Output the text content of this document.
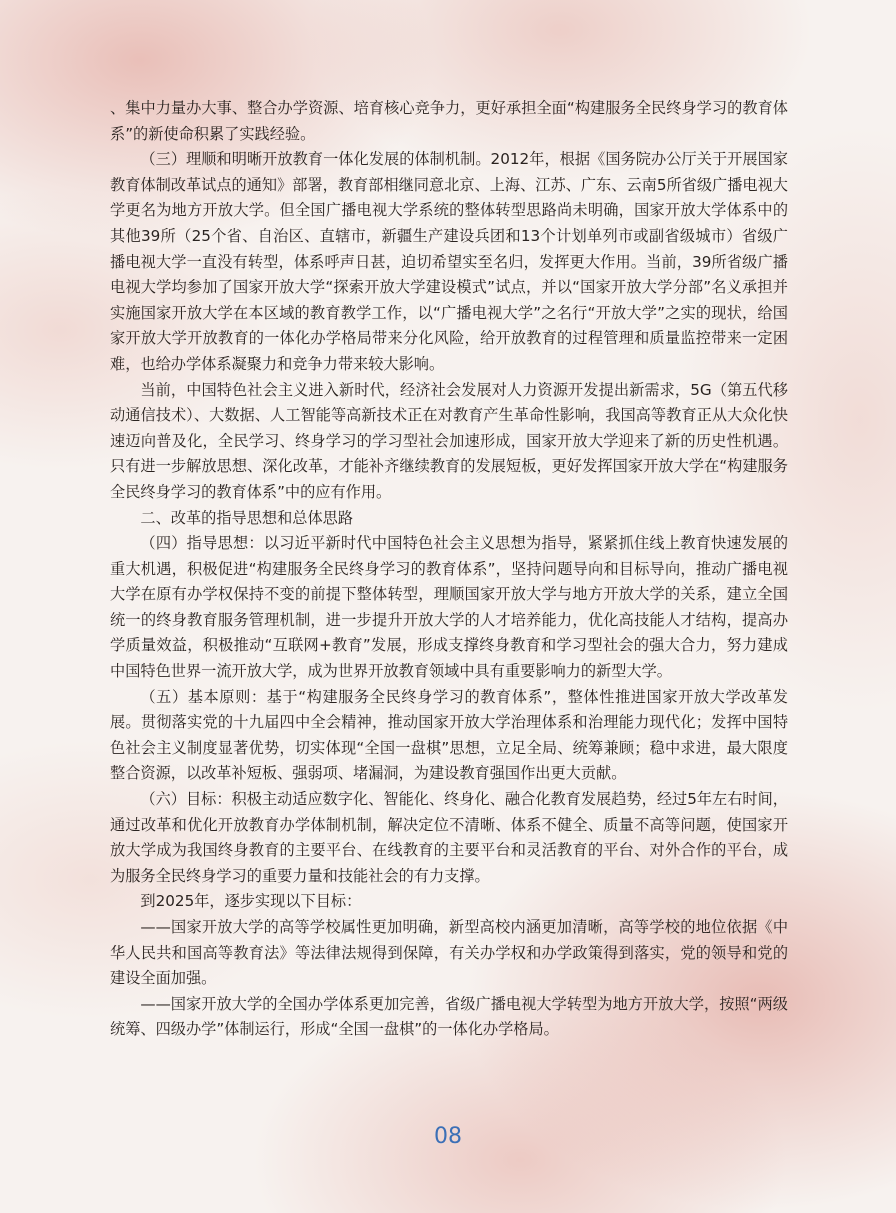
、集中力量办大事、整合办学资源、培育核心竞争力，更好承担全面“构建服务全民终身学习的教育体系”的新使命积累了实践经验。

（三）理顺和明晰开放教育一体化发展的体制机制。2012年，根据《国务院办公厅关于开展国家教育体制改革试点的通知》部署，教育部相继同意北京、上海、江苏、广东、云南5所省级广播电视大学更名为地方开放大学。但全国广播电视大学系统的整体转型思路尚未明确，国家开放大学体系中的其他39所（25个省、自治区、直辖市，新疆生产建设兵团和13个计划单列市或副省级城市）省级广播电视大学一直没有转型，体系呼声日甚，迫切希望实至名归，发挥更大作用。当前，39所省级广播电视大学均参加了国家开放大学“探索开放大学建设模式”试点，并以“国家开放大学分部”名义承担并实施国家开放大学在本区域的教育教学工作，以“广播电视大学”之名行“开放大学”之实的现状，给国家开放大学开放教育的一体化办学格局带来分化风险，给开放教育的过程管理和质量监控带来一定困难，也给办学体系凝聚力和竞争力带来较大影响。

当前，中国特色社会主义进入新时代，经济社会发展对人力资源开发提出新需求，5G（第五代移动通信技术）、大数据、人工智能等高新技术正在对教育产生革命性影响，我国高等教育正从大众化快速迈向普及化，全民学习、终身学习的学习型社会加速形成，国家开放大学迎来了新的历史性机遇。只有进一步解放思想、深化改革，才能补齐继续教育的发展短板，更好发挥国家开放大学在“构建服务全民终身学习的教育体系”中的应有作用。

二、改革的指导思想和总体思路

（四）指导思想：以习近平新时代中国特色社会主义思想为指导，紧紧抓住线上教育快速发展的重大机遇，积极促进“构建服务全民终身学习的教育体系”，坚持问题导向和目标导向，推动广播电视大学在原有办学权保持不变的前提下整体转型，理顺国家开放大学与地方开放大学的关系，建立全国统一的终身教育服务管理机制，进一步提升开放大学的人才培养能力，优化高技能人才结构，提高办学质量效益，积极推动“互联网+教育”发展，形成支撑终身教育和学习型社会的强大合力，努力建成中国特色世界一流开放大学，成为世界开放教育领域中具有重要影响力的新型大学。

（五）基本原则：基于“构建服务全民终身学习的教育体系”，整体性推进国家开放大学改革发展。贯彻落实党的十九届四中全会精神，推动国家开放大学治理体系和治理能力现代化；发挥中国特色社会主义制度显著优势，切实体现“全国一盘棋”思想，立足全局、统筹兼顾；稳中求进，最大限度整合资源，以改革补短板、强弱项、堵漏洞，为建设教育强国作出更大贡献。

（六）目标：积极主动适应数字化、智能化、终身化、融合化教育发展趋势，经过5年左右时间，通过改革和优化开放教育办学体制机制，解决定位不清晰、体系不健全、质量不高等问题，使国家开放大学成为我国终身教育的主要平台、在线教育的主要平台和灵活教育的平台、对外合作的平台，成为服务全民终身学习的重要力量和技能社会的有力支撑。

到2025年，逐步实现以下目标：

——国家开放大学的高等学校属性更加明确，新型高校内涵更加清晰，高等学校的地位依据《中华人民共和国高等教育法》等法律法规得到保障，有关办学权和办学政策得到落实，党的领导和党的建设全面加强。

——国家开放大学的全国办学体系更加完善，省级广播电视大学转型为地方开放大学，按照“两级统筹、四级办学”体制运行，形成“全国一盘棋”的一体化办学格局。

08
